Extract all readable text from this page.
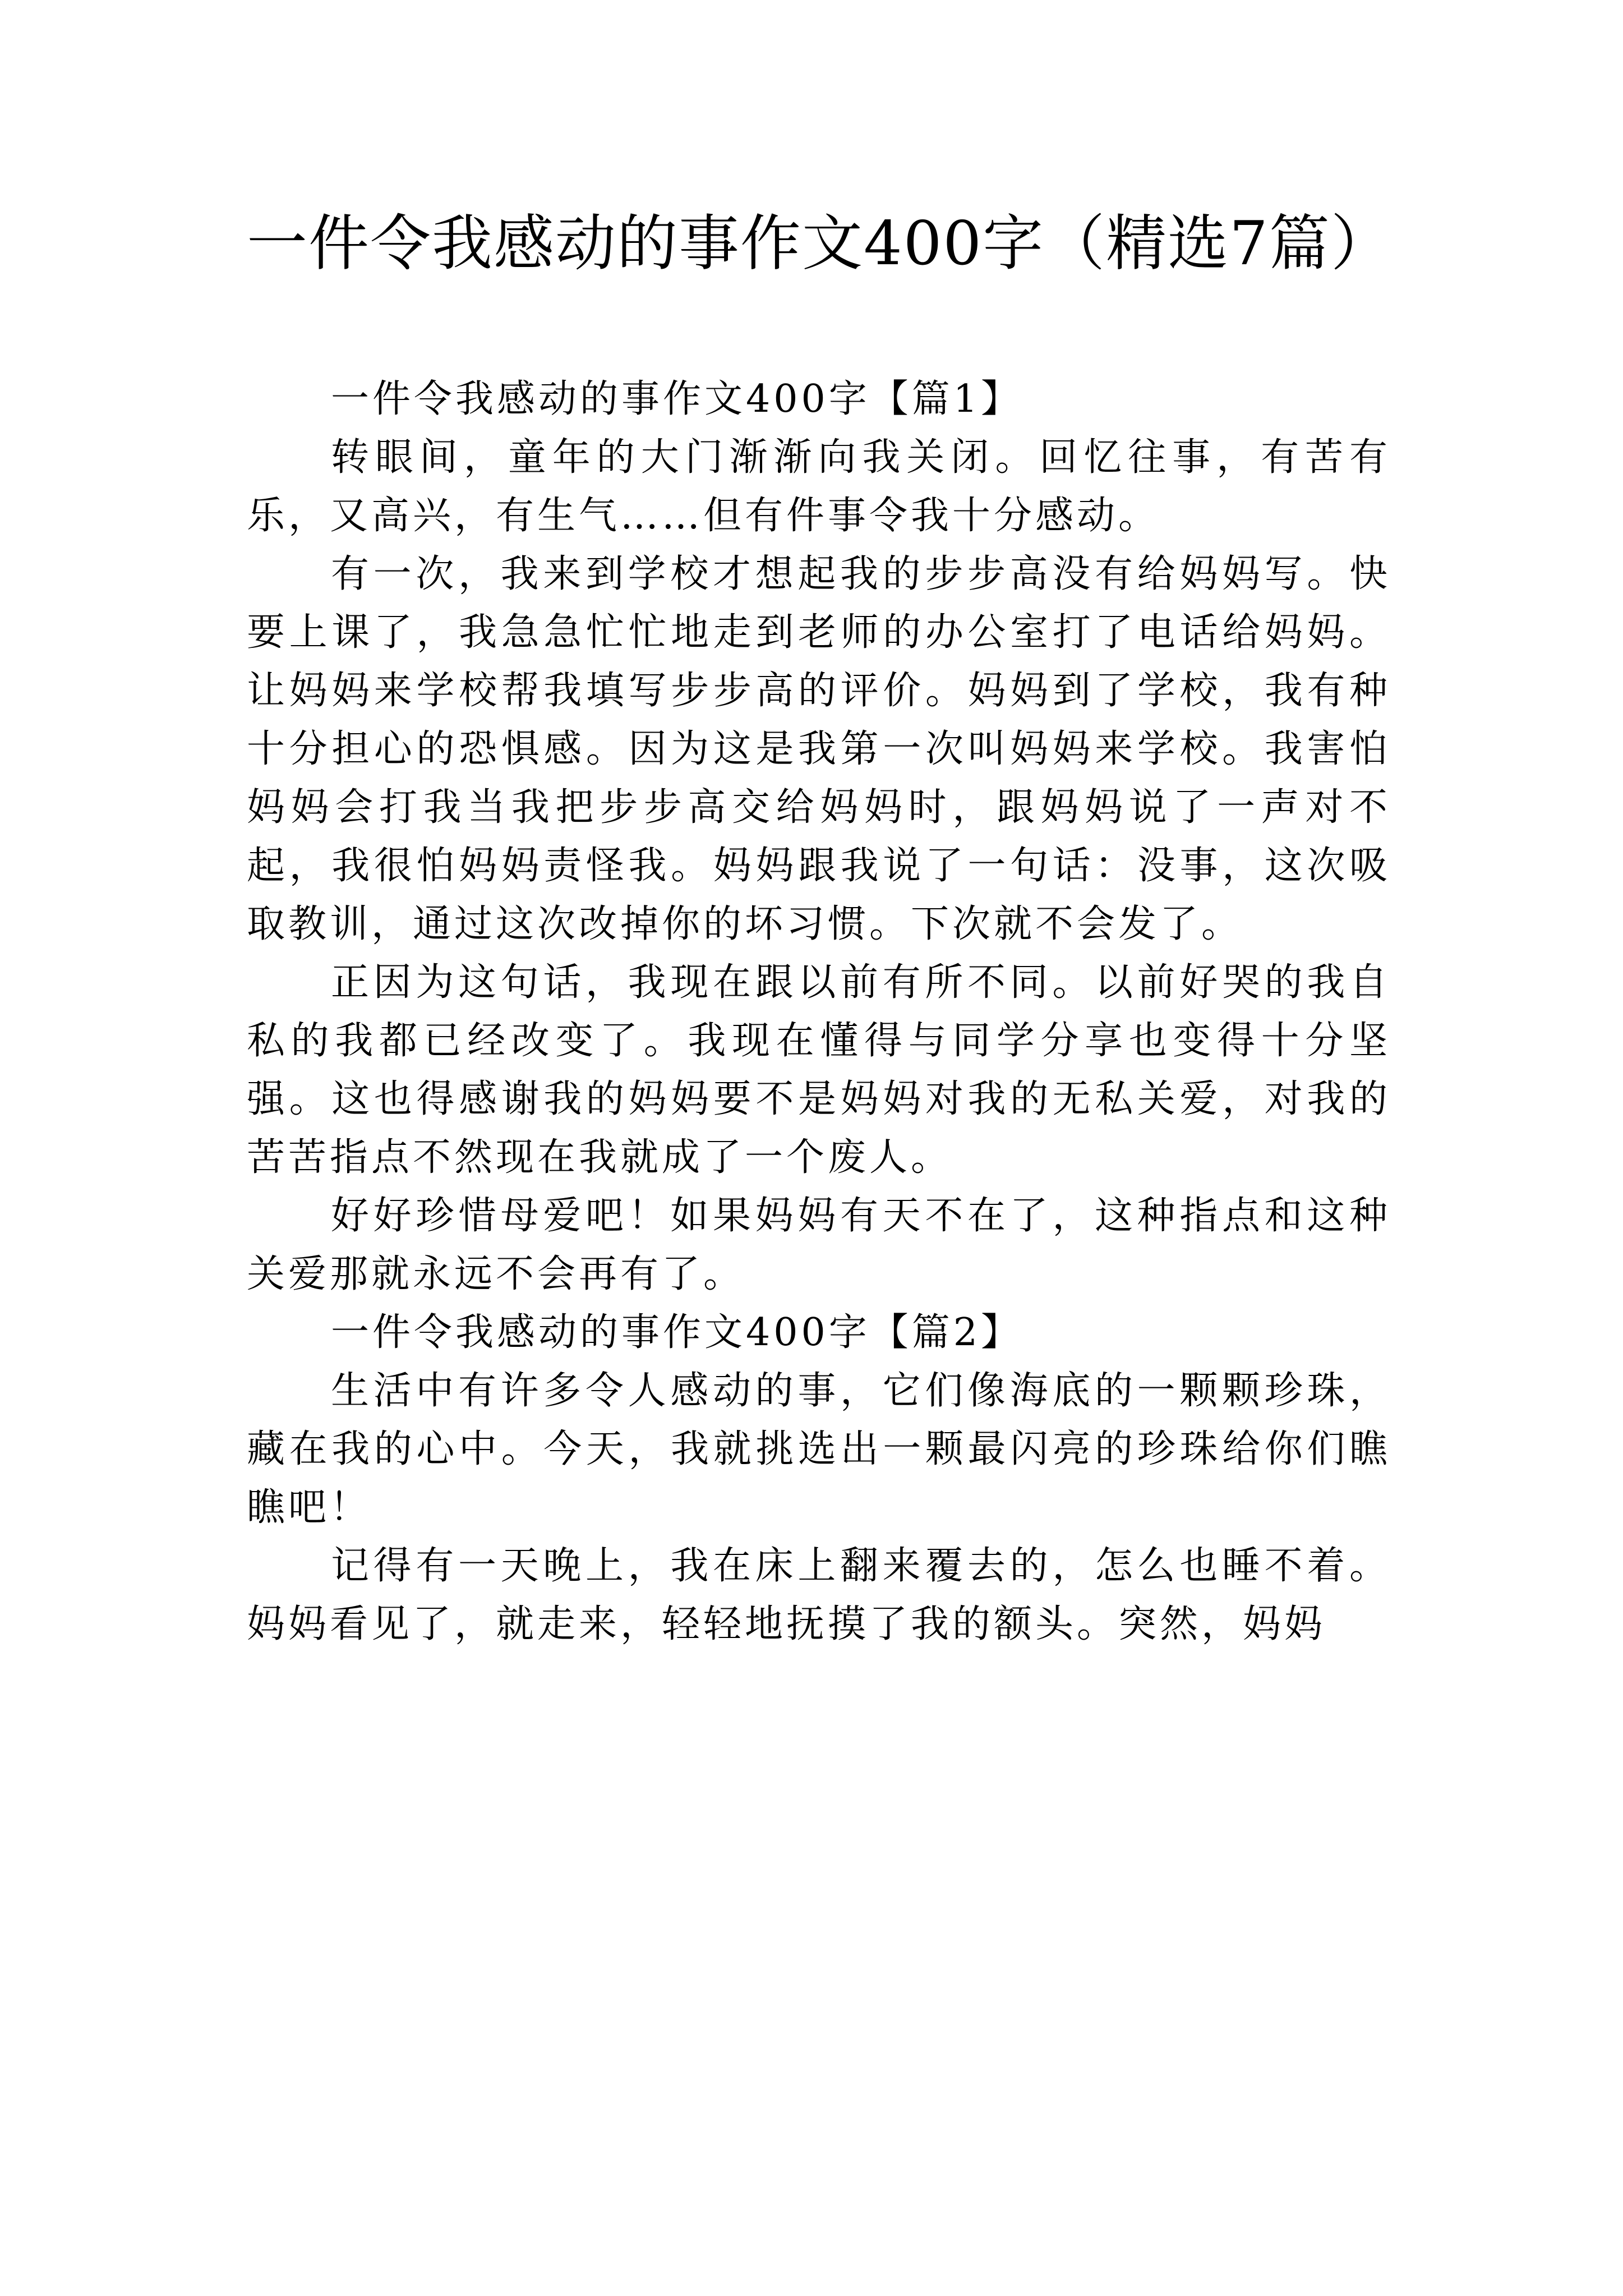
一件令我感动的事作文400字（精选7篇）

一件令我感动的事作文400字【篇1】

转眼间，童年的大门渐渐向我关闭。回忆往事，有苦有乐，又高兴，有生气……但有件事令我十分感动。

有一次，我来到学校才想起我的步步高没有给妈妈写。快要上课了，我急急忙忙地走到老师的办公室打了电话给妈妈。让妈妈来学校帮我填写步步高的评价。妈妈到了学校，我有种十分担心的恐惧感。因为这是我第一次叫妈妈来学校。我害怕妈妈会打我当我把步步高交给妈妈时，跟妈妈说了一声对不起，我很怕妈妈责怪我。妈妈跟我说了一句话：没事，这次吸取教训，通过这次改掉你的坏习惯。下次就不会发了。

正因为这句话，我现在跟以前有所不同。以前好哭的我自私的我都已经改变了。我现在懂得与同学分享也变得十分坚强。这也得感谢我的妈妈要不是妈妈对我的无私关爱，对我的苦苦指点不然现在我就成了一个废人。

好好珍惜母爱吧！如果妈妈有天不在了，这种指点和这种关爱那就永远不会再有了。

一件令我感动的事作文400字【篇2】

生活中有许多令人感动的事，它们像海底的一颗颗珍珠，藏在我的心中。今天，我就挑选出一颗最闪亮的珍珠给你们瞧瞧吧！

记得有一天晚上，我在床上翻来覆去的，怎么也睡不着。妈妈看见了，就走来，轻轻地抚摸了我的额头。突然，妈妈
